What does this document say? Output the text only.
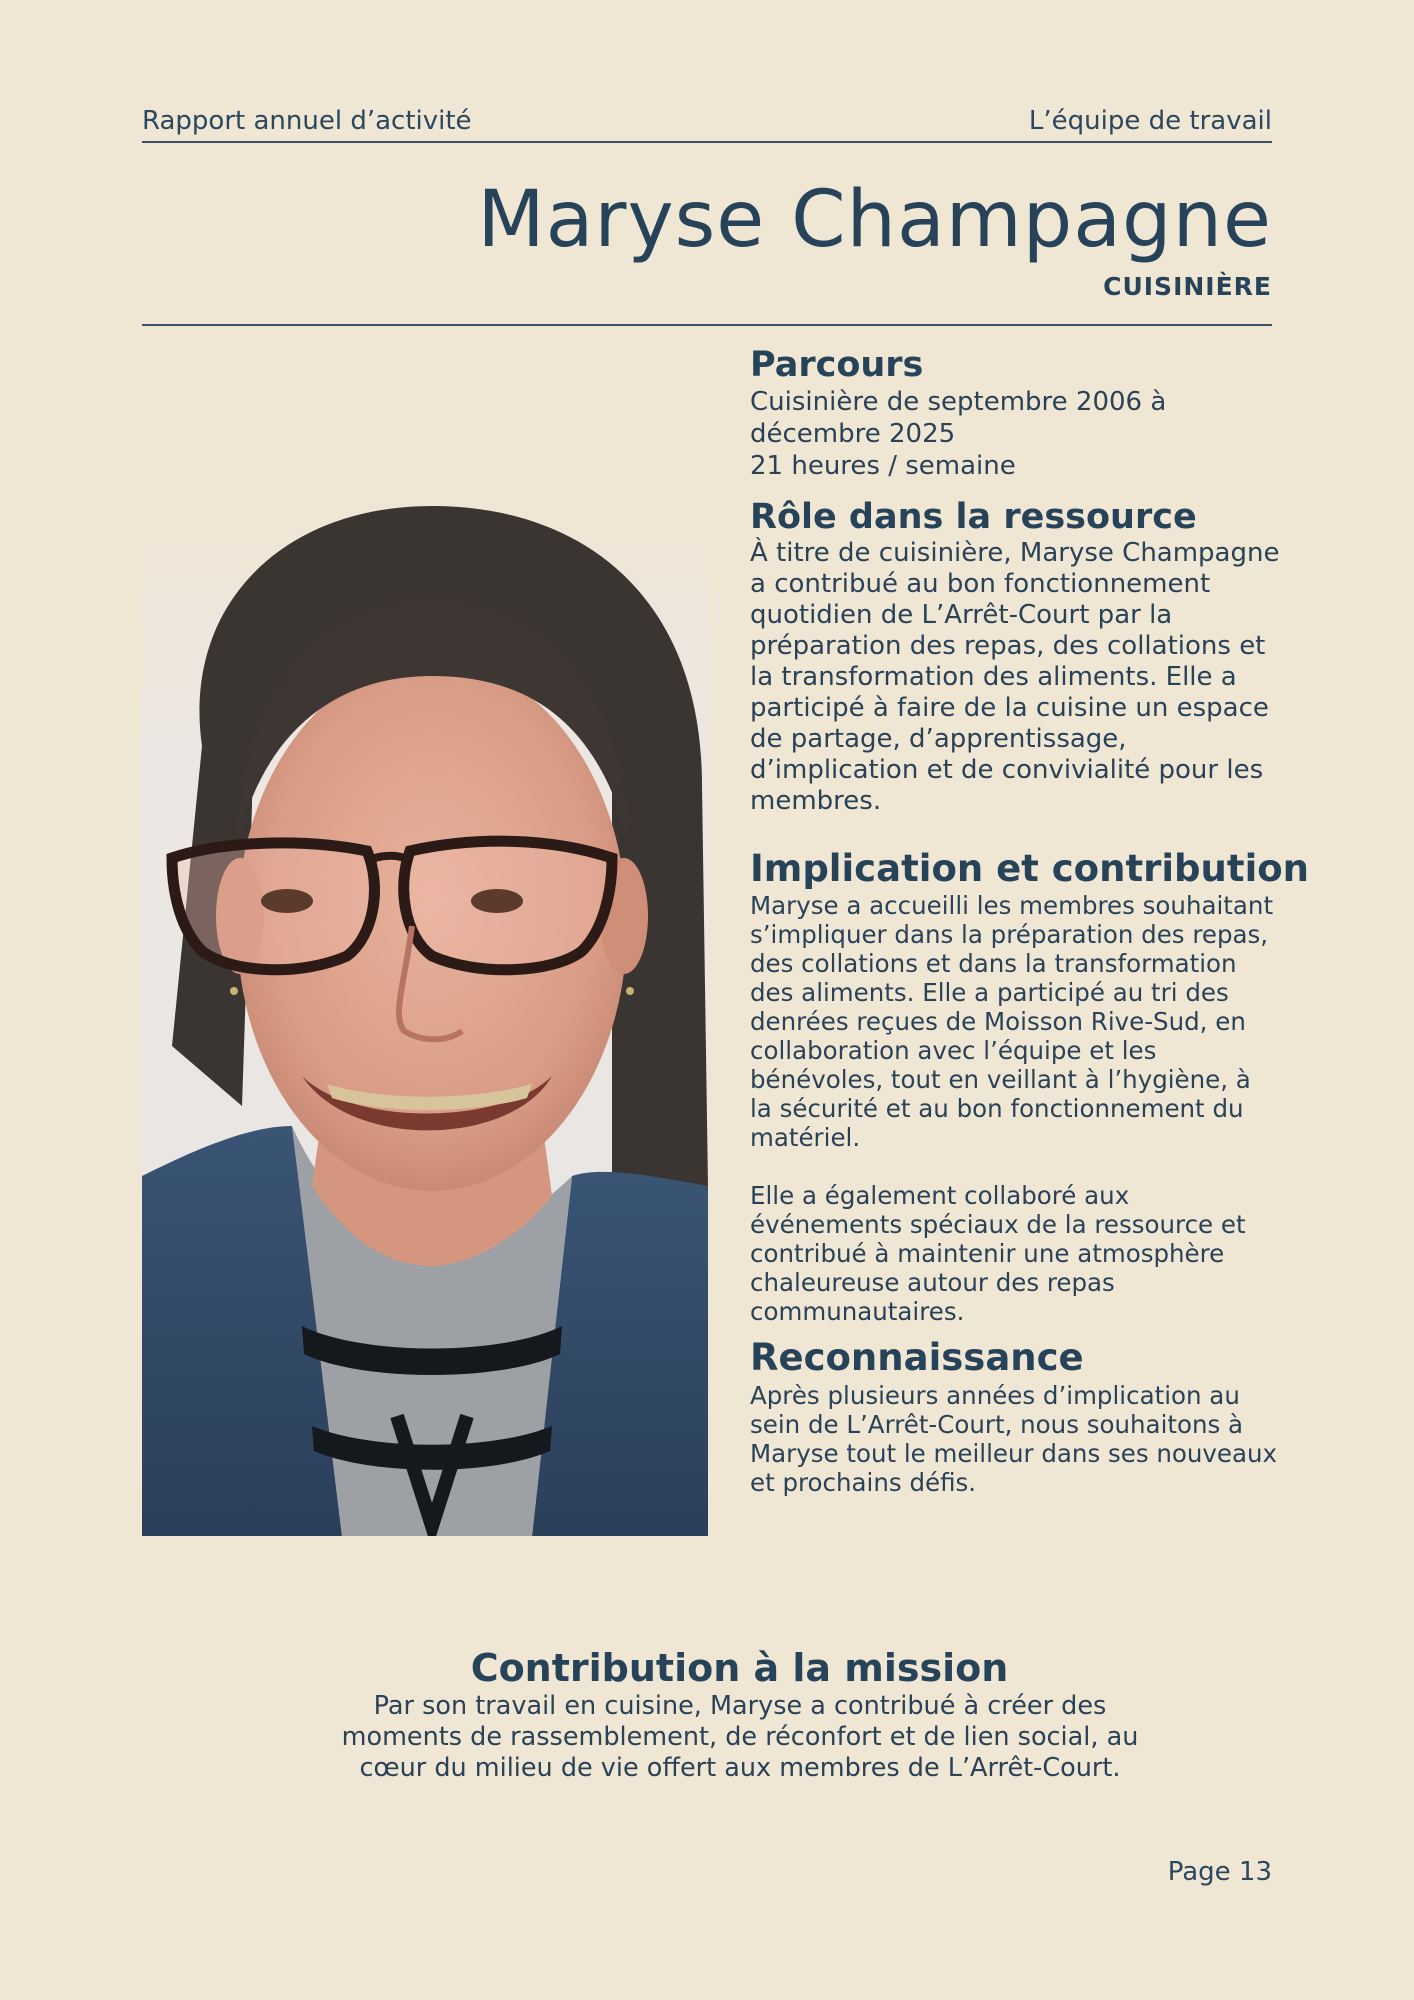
Rapport annuel d’activité	L’équipe de travail
Maryse Champagne
CUISINIÈRE
Parcours

Cuisinière de septembre 2006 à
décembre 2025
21 heures / semaine

Rôle dans la ressource

À titre de cuisinière, Maryse Champagne a contribué au bon fonctionnement quotidien de L’Arrêt-Court par la préparation des repas, des collations et la transformation des aliments. Elle a participé à faire de la cuisine un espace de partage, d’apprentissage, d’implication et de convivialité pour les membres.

Implication et contribution

Maryse a accueilli les membres souhaitant s’impliquer dans la préparation des repas, des collations et dans la transformation des aliments. Elle a participé au tri des denrées reçues de Moisson Rive-Sud, en collaboration avec l’équipe et les bénévoles, tout en veillant à l’hygiène, à la sécurité et au bon fonctionnement du matériel.

Elle a également collaboré aux événements spéciaux de la ressource et contribué à maintenir une atmosphère chaleureuse autour des repas communautaires.

Reconnaissance

Après plusieurs années d’implication au sein de L’Arrêt-Court, nous souhaitons à Maryse tout le meilleur dans ses nouveaux et prochains défis.

Contribution à la mission

Par son travail en cuisine, Maryse a contribué à créer des moments de rassemblement, de réconfort et de lien social, au cœur du milieu de vie offert aux membres de L’Arrêt-Court.

Page 13
